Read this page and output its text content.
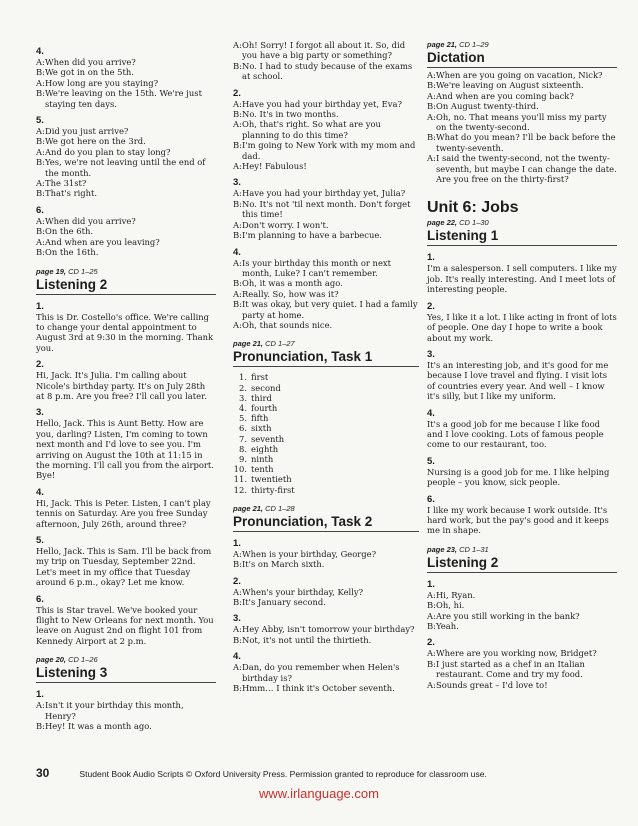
4.
A: When did you arrive?
B: We got in on the 5th.
A: How long are you staying?
B: We're leaving on the 15th. We're just staying ten days.
5.
A: Did you just arrive?
B: We got here on the 3rd.
A: And do you plan to stay long?
B: Yes, we're not leaving until the end of the month.
A: The 31st?
B: That's right.
6.
A: When did you arrive?
B: On the 6th.
A: And when are you leaving?
B: On the 16th.
page 19, CD 1–25
Listening 2
1.
This is Dr. Costello's office. We're calling to change your dental appointment to August 3rd at 9:30 in the morning. Thank you.
2.
Hi, Jack. It's Julia. I'm calling about Nicole's birthday party. It's on July 28th at 8 p.m. Are you free? I'll call you later.
3.
Hello, Jack. This is Aunt Betty. How are you, darling? Listen, I'm coming to town next month and I'd love to see you. I'm arriving on August the 10th at 11:15 in the morning. I'll call you from the airport. Bye!
4.
Hi, Jack. This is Peter. Listen, I can't play tennis on Saturday. Are you free Sunday afternoon, July 26th, around three?
5.
Hello, Jack. This is Sam. I'll be back from my trip on Tuesday, September 22nd. Let's meet in my office that Tuesday around 6 p.m., okay? Let me know.
6.
This is Star travel. We've booked your flight to New Orleans for next month. You leave on August 2nd on flight 101 from Kennedy Airport at 2 p.m.
page 20, CD 1–26
Listening 3
1.
A: Isn't it your birthday this month, Henry?
B: Hey! It was a month ago.
A: Oh! Sorry! I forgot all about it. So, did you have a big party or something?
B: No. I had to study because of the exams at school.
2.
A: Have you had your birthday yet, Eva?
B: No. It's in two months.
A: Oh, that's right. So what are you planning to do this time?
B: I'm going to New York with my mom and dad.
A: Hey! Fabulous!
3.
A: Have you had your birthday yet, Julia?
B: No. It's not 'til next month. Don't forget this time!
A: Don't worry. I won't.
B: I'm planning to have a barbecue.
4.
A: Is your birthday this month or next month, Luke? I can't remember.
B: Oh, it was a month ago.
A: Really. So, how was it?
B: It was okay, but very quiet. I had a family party at home.
A: Oh, that sounds nice.
page 21, CD 1–27
Pronunciation, Task 1
1. first
2. second
3. third
4. fourth
5. fifth
6. sixth
7. seventh
8. eighth
9. ninth
10. tenth
11. twentieth
12. thirty-first
page 21, CD 1–28
Pronunciation, Task 2
1.
A: When is your birthday, George?
B: It's on March sixth.
2.
A: When's your birthday, Kelly?
B: It's January second.
3.
A: Hey Abby, isn't tomorrow your birthday?
B: Not, it's not until the thirtieth.
4.
A: Dan, do you remember when Helen's birthday is?
B: Hmm… I think it's October seventh.
page 21, CD 1–29
Dictation
A: When are you going on vacation, Nick?
B: We're leaving on August sixteenth.
A: And when are you coming back?
B: On August twenty-third.
A: Oh, no. That means you'll miss my party on the twenty-second.
B: What do you mean? I'll be back before the twenty-seventh.
A: I said the twenty-second, not the twenty-seventh, but maybe I can change the date. Are you free on the thirty-first?
Unit 6: Jobs
page 22, CD 1–30
Listening 1
1.
I'm a salesperson. I sell computers. I like my job. It's really interesting. And I meet lots of interesting people.
2.
Yes, I like it a lot. I like acting in front of lots of people. One day I hope to write a book about my work.
3.
It's an interesting job, and it's good for me because I love travel and flying. I visit lots of countries every year. And well – I know it's silly, but I like my uniform.
4.
It's a good job for me because I like food and I love cooking. Lots of famous people come to our restaurant, too.
5.
Nursing is a good job for me. I like helping people – you know, sick people.
6.
I like my work because I work outside. It's hard work, but the pay's good and it keeps me in shape.
page 23, CD 1–31
Listening 2
1.
A: Hi, Ryan.
B: Oh, hi.
A: Are you still working in the bank?
B: Yeah.
2.
A: Where are you working now, Bridget?
B: I just started as a chef in an Italian restaurant. Come and try my food.
A: Sounds great – I'd love to!
30	Student Book Audio Scripts © Oxford University Press. Permission granted to reproduce for classroom use.
www.irlanguage.com
